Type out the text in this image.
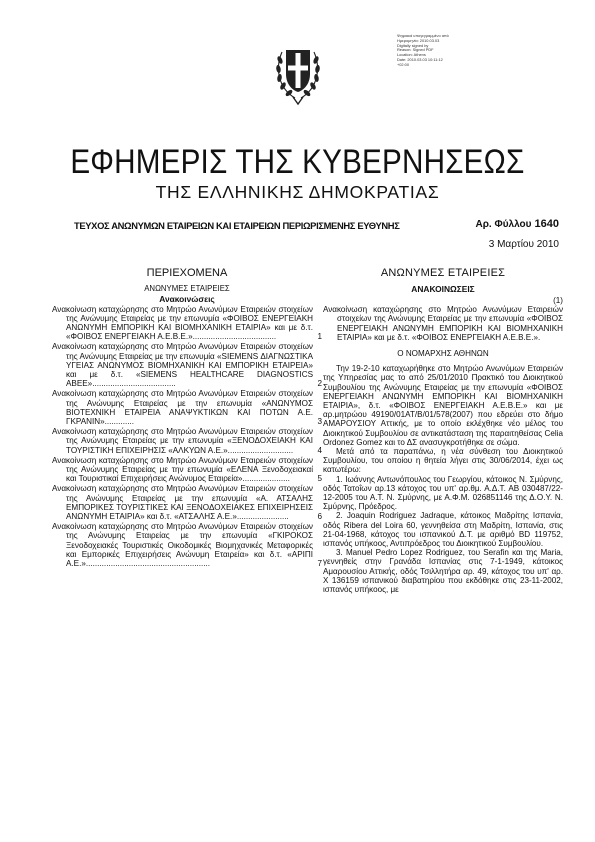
Ψηφιακά υπογεγραμμένο από
Ημερομηνία: 2010.03.03
Digitally signed by
Reason: Signed PDF
Location: Athens
Date: 2010.03.03 10:11:12
+02:00
ΕΦΗΜΕΡΙΣ ΤΗΣ ΚΥΒΕΡΝΗΣΕΩΣ
ΤΗΣ ΕΛΛΗΝΙΚΗΣ ΔΗΜΟΚΡΑΤΙΑΣ
ΤΕΥΧΟΣ ΑΝΩΝΥΜΩΝ ΕΤΑΙΡΕΙΩΝ ΚΑΙ ΕΤΑΙΡΕΙΩΝ ΠΕΡΙΩΡΙΣΜΕΝΗΣ ΕΥΘΥΝΗΣ	Αρ. Φύλλου 1640
3 Μαρτίου 2010
ΠΕΡΙΕΧΟΜΕΝΑ
ΑΝΩΝΥΜΕΣ ΕΤΑΙΡΕΙΕΣ
Ανακοινώσεις

Ανακοίνωση καταχώρησης στο Μητρώο Ανωνύμων Εταιρειών στοιχείων της Ανώνυμης Εταιρείας με την επωνυμία «ΦΟΙΒΟΣ ΕΝΕΡΓΕΙΑΚΗ ΑΝΩΝΥΜΗ ΕΜΠΟΡΙΚΗ ΚΑΙ ΒΙΟΜΗΧΑΝΙΚΗ ΕΤΑΙΡΙΑ» και με δ.τ. «ΦΟΙΒΟΣ ΕΝΕΡΓΕΙΑΚΗ Α.Ε.Β.Ε.».....................................	1

Ανακοίνωση καταχώρησης στο Μητρώο Ανωνύμων Εταιρειών στοιχείων της Ανώνυμης Εταιρείας με την επωνυμία «SIEMENS ΔΙΑΓΝΩΣΤΙΚΑ ΥΓΕΙΑΣ ΑΝΩΝΥΜΟΣ ΒΙΟΜΗΧΑΝΙΚΗ ΚΑΙ ΕΜΠΟΡΙΚΗ ΕΤΑΙΡΕΙΑ» και με δ.τ. «SIEMENS HEALTHCARE DIAGNOSTICS ABEE».....................................	2

Ανακοίνωση καταχώρησης στο Μητρώο Ανωνύμων Εταιρειών στοιχείων της Ανώνυμης Εταιρείας με την επωνυμία «ΑΝΩΝΥΜΟΣ ΒΙΟΤΕΧΝΙΚΗ ΕΤΑΙΡΕΙΑ ΑΝΑΨΥΚΤΙΚΩΝ ΚΑΙ ΠΟΤΩΝ Α.Ε. ΓΚΡΑΝΙΝ».............	3

Ανακοίνωση καταχώρησης στο Μητρώο Ανωνύμων Εταιρειών στοιχείων της Ανώνυμης Εταιρείας με την επωνυμία «ΞΕΝΟΔΟΧΕΙΑΚΗ ΚΑΙ ΤΟΥΡΙΣΤΙΚΗ ΕΠΙΧΕΙΡΗΣΙΣ «ΑΛΚΥΩΝ Α.Ε.».............................	4

Ανακοίνωση καταχώρησης στο Μητρώο Ανωνύμων Εταιρειών στοιχείων της Ανώνυμης Εταιρείας με την επωνυμία «ΕΛΕΝΑ Ξενοδοχειακαί και Τουριστικαί Επιχειρήσεις Ανώνυμος Εταιρεία».....................	5

Ανακοίνωση καταχώρησης στο Μητρώο Ανωνύμων Εταιρειών στοιχείων της Ανώνυμης Εταιρείας με την επωνυμία «Α. ΑΤΣΑΛΗΣ ΕΜΠΟΡΙΚΕΣ ΤΟΥΡΙΣΤΙΚΕΣ ΚΑΙ ΞΕΝΟΔΟΧΕΙΑΚΕΣ ΕΠΙΧΕΙΡΗΣΕΙΣ ΑΝΩΝΥΜΗ ΕΤΑΙΡΙΑ» και δ.τ. «ΑΤΣΑΛΗΣ Α.Ε.».......................	6

Ανακοίνωση καταχώρησης στο Μητρώο Ανωνύμων Εταιρειών στοιχείων της Ανώνυμης Εταιρείας με την επωνυμία «ΓΚΙΡΟΚΟΣ Ξενοδοχειακές Τουριστικές Οικοδομικές Βιομηχανικές Μεταφορικές και Εμπορικές Επιχειρήσεις Ανώνυμη Εταιρεία» και δ.τ. «ΑΡΙΠΙ Α.Ε.».......................................................	7

ΑΝΩΝΥΜΕΣ ΕΤΑΙΡΕΙΕΣ
ΑΝΑΚΟΙΝΩΣΕΙΣ
(1)

Ανακοίνωση καταχώρησης στο Μητρώο Ανωνύμων Εταιρειών στοιχείων της Ανώνυμης Εταιρείας με την επωνυμία «ΦΟΙΒΟΣ ΕΝΕΡΓΕΙΑΚΗ ΑΝΩΝΥΜΗ ΕΜΠΟΡΙΚΗ ΚΑΙ ΒΙΟΜΗΧΑΝΙΚΗ ΕΤΑΙΡΙΑ» και με δ.τ. «ΦΟΙΒΟΣ ΕΝΕΡΓΕΙΑΚΗ Α.Ε.Β.Ε.».

Ο ΝΟΜΑΡΧΗΣ ΑΘΗΝΩΝ

Την 19-2-10 καταχωρήθηκε στο Μητρώο Ανωνύμων Εταιρειών της Υπηρεσίας μας το από 25/01/2010 Πρακτικό του Διοικητικού Συμβουλίου της Ανώνυμης Εταιρείας με την επωνυμία «ΦΟΙΒΟΣ ΕΝΕΡΓΕΙΑΚΗ ΑΝΩΝΥΜΗ ΕΜΠΟΡΙΚΗ ΚΑΙ ΒΙΟΜΗΧΑΝΙΚΗ ΕΤΑΙΡΙΑ», δ.τ. «ΦΟΙΒΟΣ ΕΝΕΡΓΕΙΑΚΗ Α.Ε.Β.Ε.» και με αρ.μητρώου 49190/01ΑΤ/Β/01/578(2007) που εδρεύει στο δήμο ΑΜΑΡΟΥΣΙΟΥ Αττικής, με το οποίο εκλέχθηκε νέο μέλος του Διοικητικού Συμβουλίου σε αντικατάσταση της παραιτηθείσας Celia Ordonez Gomez και το ΔΣ ανασυγκροτήθηκε σε σώμα.

Μετά από τα παραπάνω, η νέα σύνθεση του Διοικητικού Συμβουλίου, του οποίου η θητεία λήγει στις 30/06/2014, έχει ως κατωτέρω:

1. Ιωάννης Αντωνόπουλος του Γεωργίου, κάτοικος Ν. Σμύρνης, οδός Τατοΐων αρ.13 κάτοχος του υπ' αρ.θμ. Α.Δ.Τ. ΑΒ 030487/22-12-2005 του Α.Τ. Ν. Σμύρνης, με Α.Φ.Μ. 026851146 της Δ.Ο.Υ. Ν. Σμύρνης, Πρόεδρος.

2. Joaquin Rodriguez Jadraque, κάτοικος Μαδρίτης Ισπανία, οδός Ribera del Loira 60, γεννηθείσα στη Μαδρίτη, Ισπανία, στις 21-04-1968, κάτοχος του ισπανικού Δ.Τ. με αριθμό BD 119752, ισπανός υπήκοος, Αντιπρόεδρος του Διοικητικού Συμβουλίου.

3. Manuel Pedro Lopez Rodriguez, του Serafin και της Maria, γεννηθείς στην Γρανάδα Ισπανίας στις 7-1-1949, κάτοικος Αμαρουσίου Αττικής, οδός Τσιλλητήρα αρ. 49, κάτοχος του υπ' αρ. Χ 136159 ισπανικού διαβατηρίου που εκδόθηκε στις 23-11-2002, ισπανός υπήκοος, με
